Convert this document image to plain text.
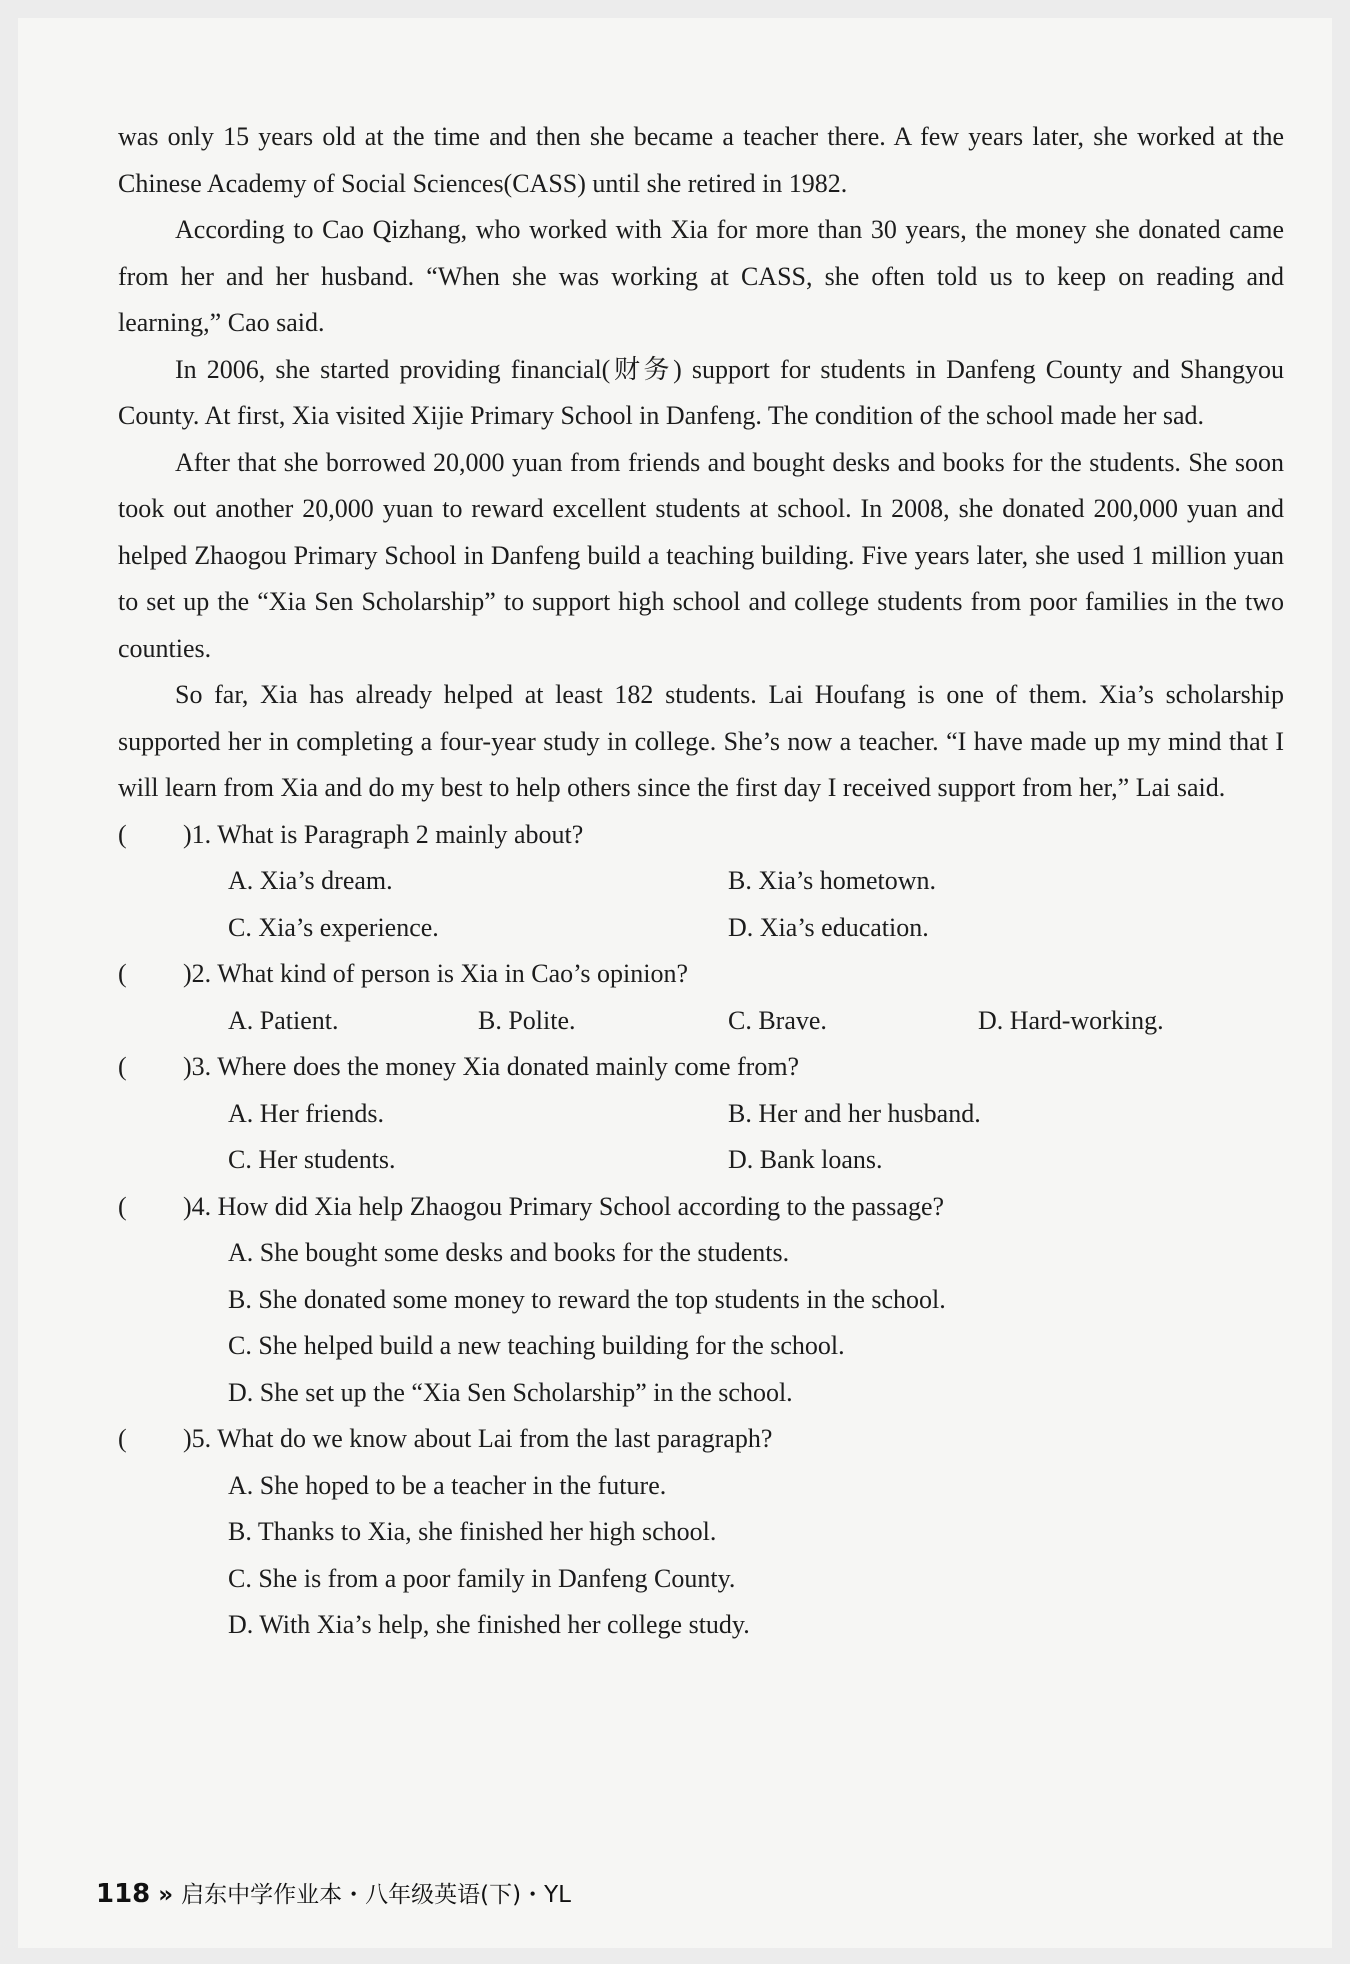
was only 15 years old at the time and then she became a teacher there. A few years later, she worked at the Chinese Academy of Social Sciences(CASS) until she retired in 1982.

According to Cao Qizhang, who worked with Xia for more than 30 years, the money she donated came from her and her husband. “When she was working at CASS, she often told us to keep on reading and learning,” Cao said.

In 2006, she started providing financial(财务) support for students in Danfeng County and Shangyou County. At first, Xia visited Xijie Primary School in Danfeng. The condition of the school made her sad.

After that she borrowed 20,000 yuan from friends and bought desks and books for the students. She soon took out another 20,000 yuan to reward excellent students at school. In 2008, she donated 200,000 yuan and helped Zhaogou Primary School in Danfeng build a teaching building. Five years later, she used 1 million yuan to set up the “Xia Sen Scholarship” to support high school and college students from poor families in the two counties.

So far, Xia has already helped at least 182 students. Lai Houfang is one of them. Xia’s scholarship supported her in completing a four-year study in college. She’s now a teacher. “I have made up my mind that I will learn from Xia and do my best to help others since the first day I received support from her,” Lai said.

(	)1. What is Paragraph 2 mainly about?
A. Xia’s dream.	B. Xia’s hometown.
C. Xia’s experience.	D. Xia’s education.
(	)2. What kind of person is Xia in Cao’s opinion?
A. Patient.	B. Polite.	C. Brave.	D. Hard-working.
(	)3. Where does the money Xia donated mainly come from?
A. Her friends.	B. Her and her husband.
C. Her students.	D. Bank loans.
(	)4. How did Xia help Zhaogou Primary School according to the passage?
A. She bought some desks and books for the students.
B. She donated some money to reward the top students in the school.
C. She helped build a new teaching building for the school.
D. She set up the “Xia Sen Scholarship” in the school.
(	)5. What do we know about Lai from the last paragraph?
A. She hoped to be a teacher in the future.
B. Thanks to Xia, she finished her high school.
C. She is from a poor family in Danfeng County.
D. With Xia’s help, she finished her college study.
118 » 启东中学作业本・八年级英语(下)・YL
